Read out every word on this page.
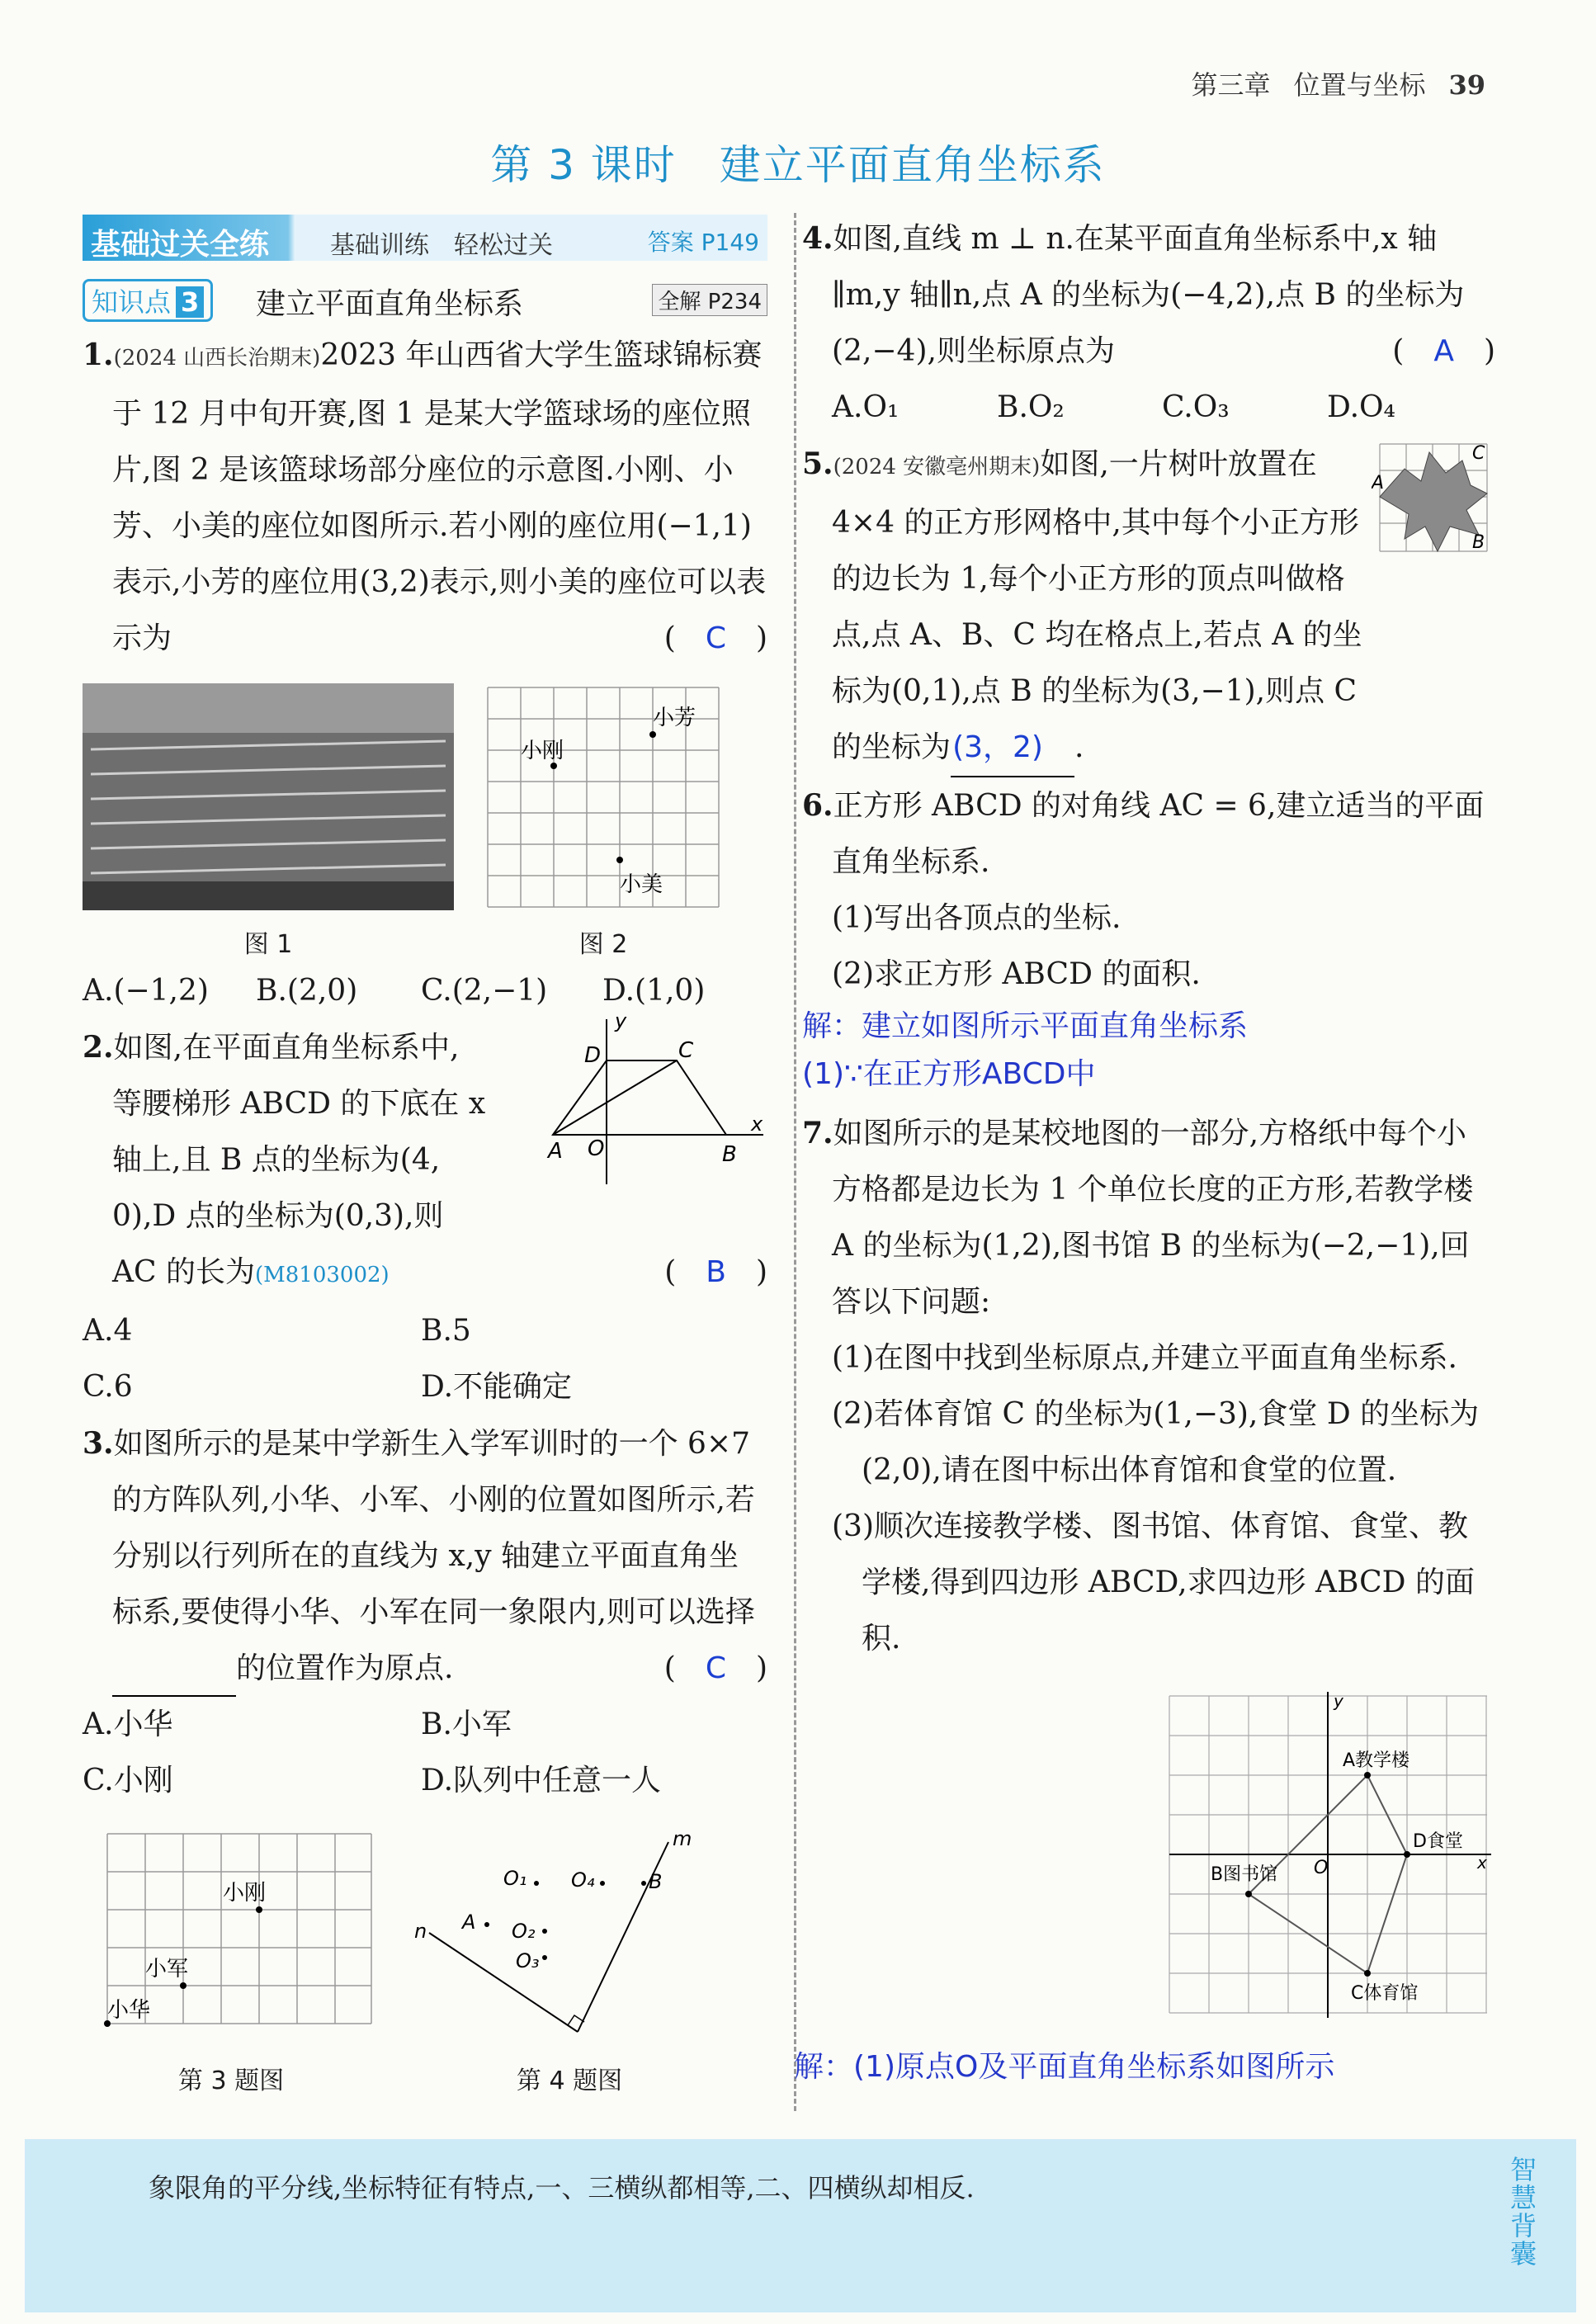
第三章 位置与坐标 39
第 3 课时　建立平面直角坐标系
基础过关全练 基础训练　轻松过关	答案 P149
知识点 3	建立平面直角坐标系	全解 P234

1.(2024 山西长治期末)2023 年山西省大学生篮球锦标赛于 12 月中旬开赛,图 1 是某大学篮球场的座位照片,图 2 是该篮球场部分座位的示意图.小刚、小芳、小美的座位如图所示.若小刚的座位用(−1,1)表示,小芳的座位用(3,2)表示,则小美的座位可以表示为	(　C　)

图 1
小刚
小芳
小美
图 2
A.(−1,2)	B.(2,0)	C.(2,−1)	D.(1,0)

2.如图,在平面直角坐标系中,

等腰梯形 ABCD 的下底在 x

轴上,且 B 点的坐标为(4,

0),D 点的坐标为(0,3),则

AC 的长为(M8103002)	(　B　)

y
x
D	C
A O	B
A.4	B.5
C.6	D.不能确定

3.如图所示的是某中学新生入学军训时的一个 6×7 的方阵队列,小华、小军、小刚的位置如图所示,若分别以行列所在的直线为 x,y 轴建立平面直角坐标系,要使得小华、小军在同一象限内,则可以选择的位置作为原点.	(　C　)

A.小华	B.小军
C.小刚	D.队列中任意一人
小刚
小军
小华
第 3 题图
m
n A
B
O₁
O₂
O₃
O₄
第 4 题图

4.如图,直线 m ⊥ n.在某平面直角坐标系中,x 轴∥m,y 轴∥n,点 A 的坐标为(−4,2),点 B 的坐标为(2,−4),则坐标原点为	(　A　)

A.O₁	B.O₂	C.O₃	D.O₄
A
C
B

5.(2024 安徽亳州期末)如图,一片树叶放置在 4×4 的正方形网格中,其中每个小正方形的边长为 1,每个小正方形的顶点叫做格点,点 A、B、C 均在格点上,若点 A 的坐标为(0,1),点 B 的坐标为(3,−1),则点 C 的坐标为(3，2) .

6.正方形 ABCD 的对角线 AC = 6,建立适当的平面直角坐标系.

(1)写出各顶点的坐标.

(2)求正方形 ABCD 的面积.

解：建立如图所示平面直角坐标系
(1)∵在正方形ABCD中

7.如图所示的是某校地图的一部分,方格纸中每个小方格都是边长为 1 个单位长度的正方形,若教学楼 A 的坐标为(1,2),图书馆 B 的坐标为(−2,−1),回答以下问题:

(1)在图中找到坐标原点,并建立平面直角坐标系.

(2)若体育馆 C 的坐标为(1,−3),食堂 D 的坐标为(2,0),请在图中标出体育馆和食堂的位置.

(3)顺次连接教学楼、图书馆、体育馆、食堂、教学楼,得到四边形 ABCD,求四边形 ABCD 的面积.

y
x
O
A教学楼
B图书馆
C体育馆
D食堂
解：(1)原点O及平面直角坐标系如图所示
象限角的平分线,坐标特征有特点,一、三横纵都相等,二、四横纵却相反.
智慧背囊
